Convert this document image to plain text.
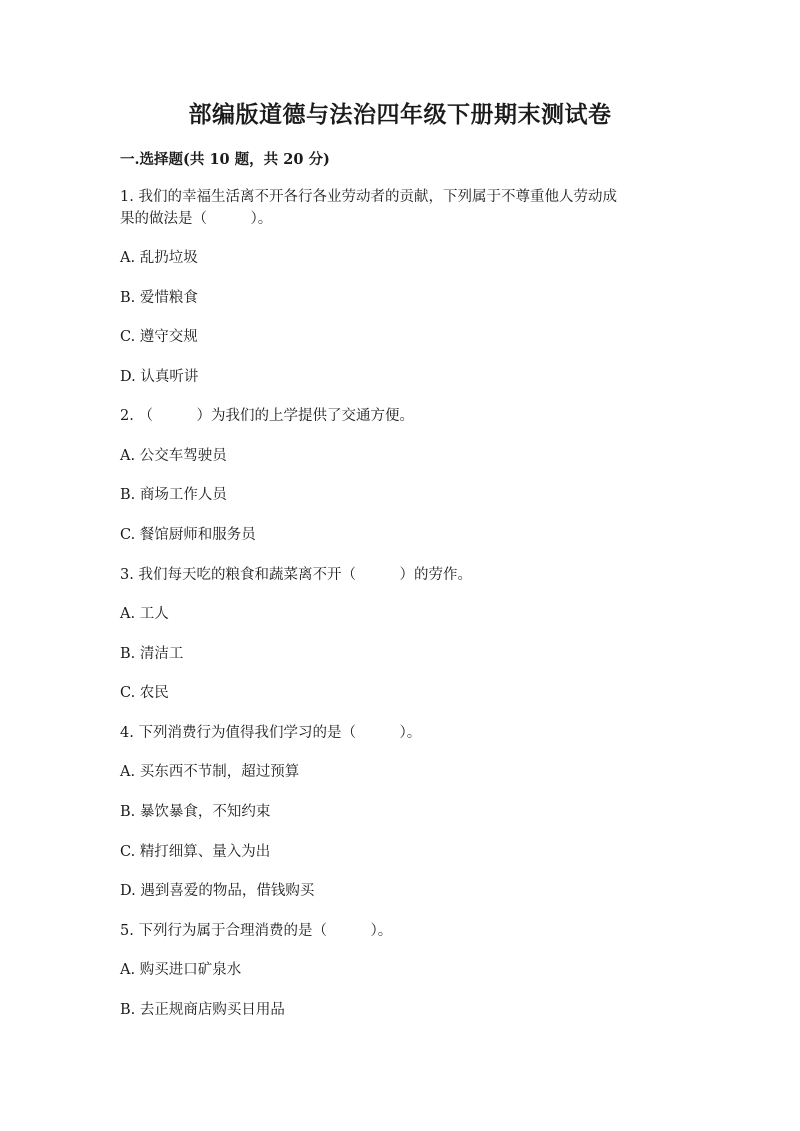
部编版道德与法治四年级下册期末测试卷
一.选择题(共 10 题，共 20 分)
1. 我们的幸福生活离不开各行各业劳动者的贡献，下列属于不尊重他人劳动成
果的做法是（　　　）。
A. 乱扔垃圾
B. 爱惜粮食
C. 遵守交规
D. 认真听讲
2. （　　　）为我们的上学提供了交通方便。
A. 公交车驾驶员
B. 商场工作人员
C. 餐馆厨师和服务员
3. 我们每天吃的粮食和蔬菜离不开（　　　）的劳作。
A. 工人
B. 清洁工
C. 农民
4. 下列消费行为值得我们学习的是（　　　）。
A. 买东西不节制，超过预算
B. 暴饮暴食，不知约束
C. 精打细算、量入为出
D. 遇到喜爱的物品，借钱购买
5. 下列行为属于合理消费的是（　　　）。
A. 购买进口矿泉水
B. 去正规商店购买日用品
